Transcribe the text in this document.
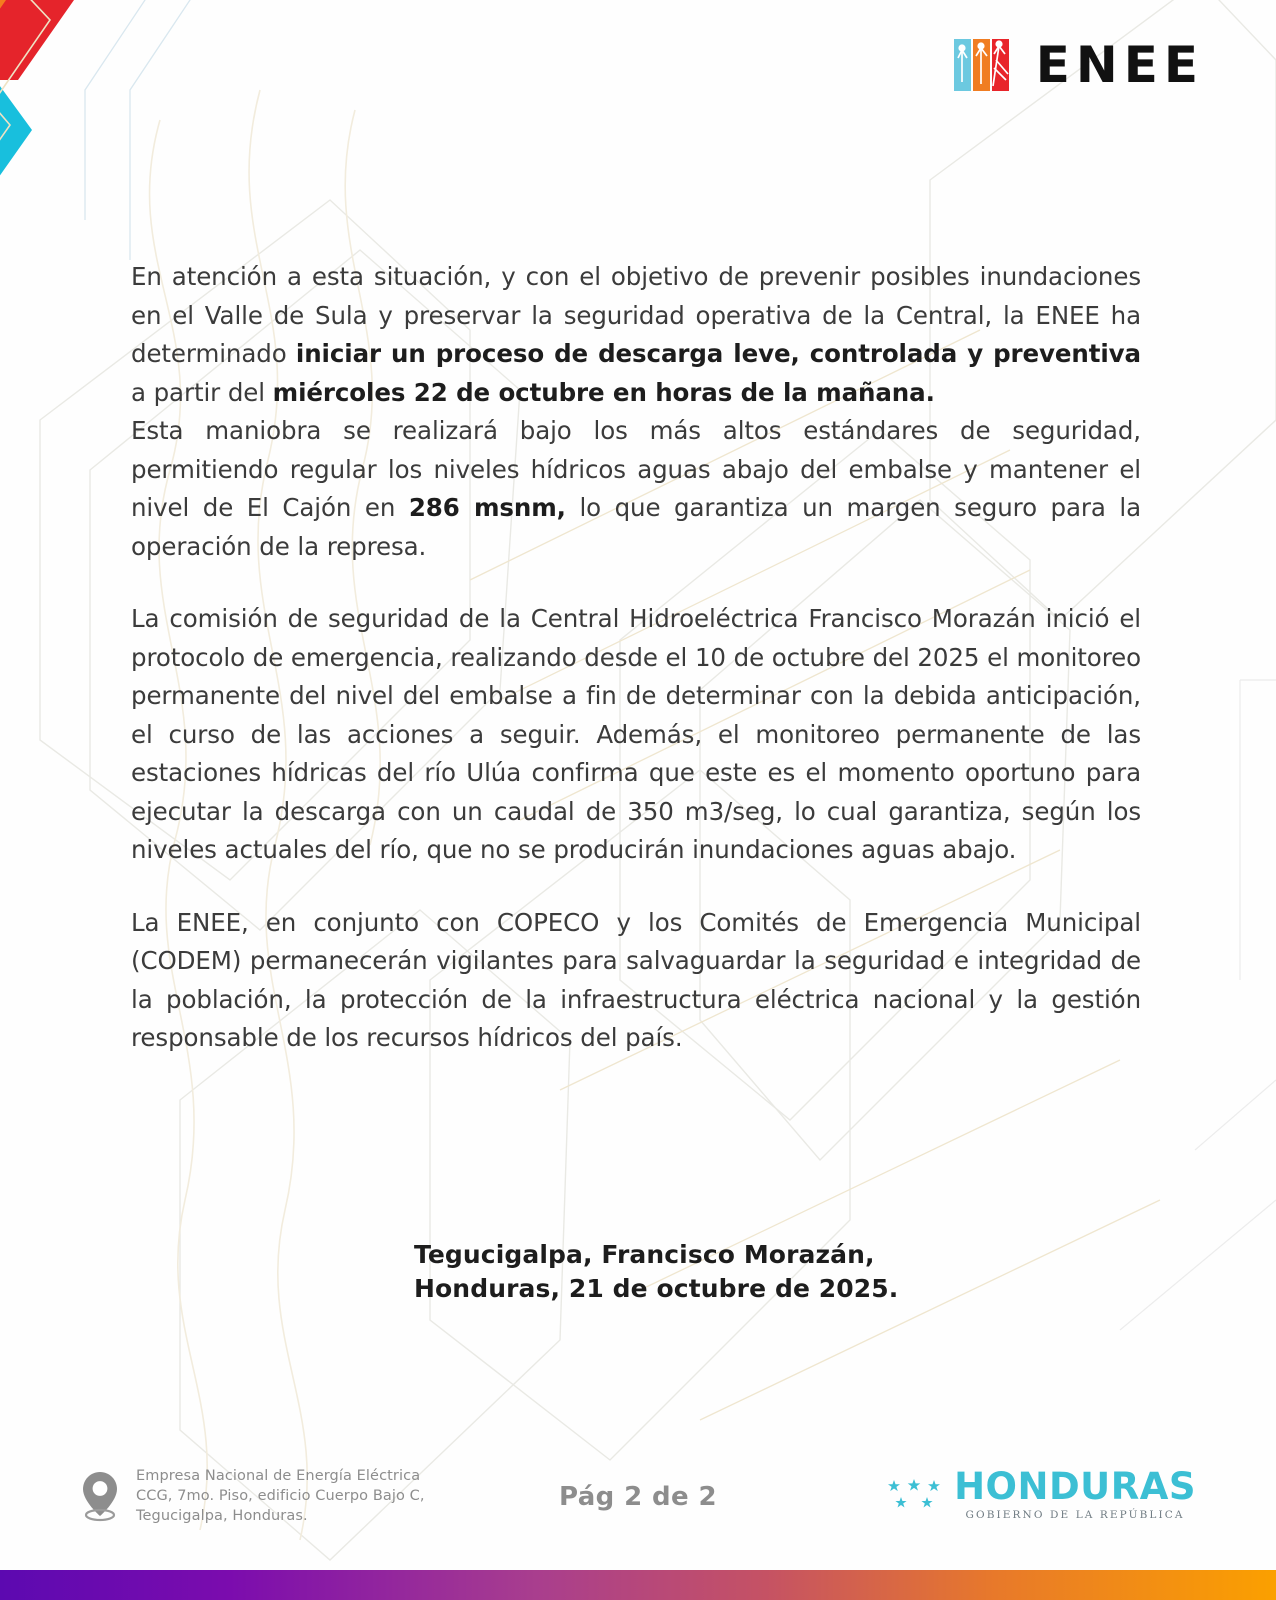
ENEE

En atención a esta situación, y con el objetivo de prevenir posibles inundaciones en el Valle de Sula y preservar la seguridad operativa de la Central, la ENEE ha determinado iniciar un proceso de descarga leve, controlada y preventiva a partir del miércoles 22 de octubre en horas de la mañana.

Esta maniobra se realizará bajo los más altos estándares de seguridad, permitiendo regular los niveles hídricos aguas abajo del embalse y mantener el nivel de El Cajón en 286 msnm, lo que garantiza un margen seguro para la operación de la represa.

La comisión de seguridad de la Central Hidroeléctrica Francisco Morazán inició el protocolo de emergencia, realizando desde el 10 de octubre del 2025 el monitoreo permanente del nivel del embalse a fin de determinar con la debida anticipación, el curso de las acciones a seguir. Además, el monitoreo permanente de las estaciones hídricas del río Ulúa confirma que este es el momento oportuno para ejecutar la descarga con un caudal de 350 m3/seg, lo cual garantiza, según los niveles actuales del río, que no se producirán inundaciones aguas abajo.

La ENEE, en conjunto con COPECO y los Comités de Emergencia Municipal (CODEM) permanecerán vigilantes para salvaguardar la seguridad e integridad de la población, la protección de la infraestructura eléctrica nacional y la gestión responsable de los recursos hídricos del país.

Tegucigalpa, Francisco Morazán,
Honduras, 21 de octubre de 2025.
Empresa Nacional de Energía Eléctrica
CCG, 7mo. Piso, edificio Cuerpo Bajo C,
Tegucigalpa, Honduras.
Pág 2 de 2	HONDURAS
GOBIERNO DE LA REPÚBLICA
